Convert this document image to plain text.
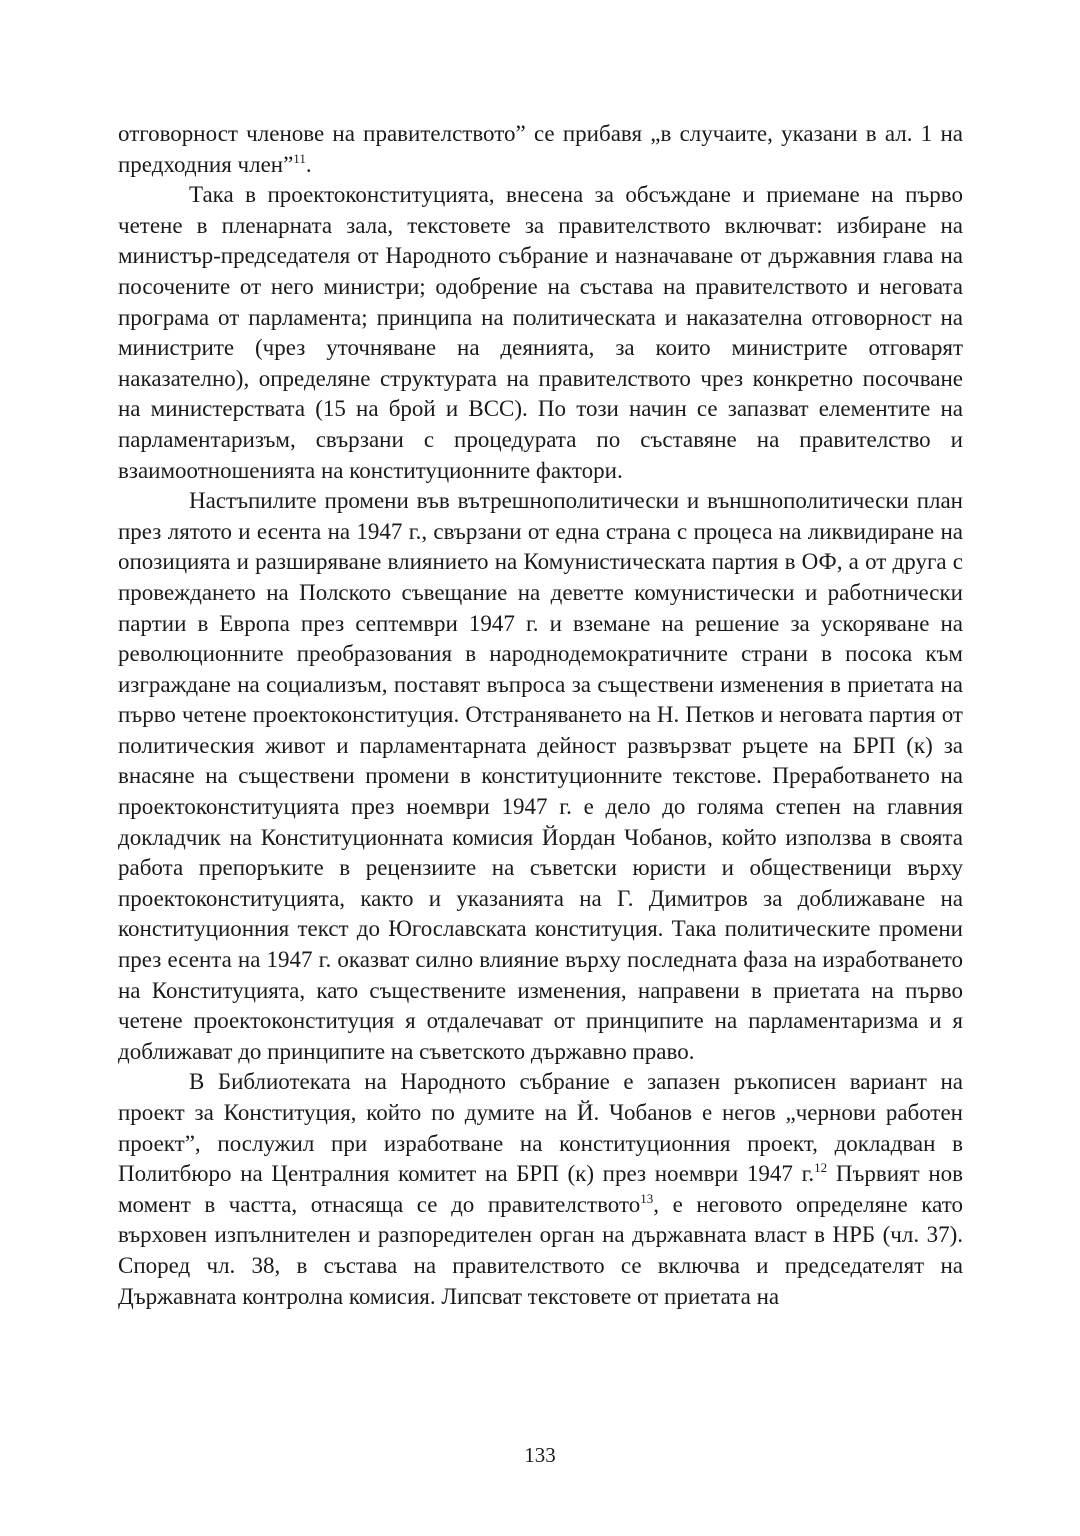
отговорност членове на правителството” се прибавя „в случаите, указани в ал. 1 на предходния член”$^{11}$.

Така в проектоконституцията, внесена за обсъждане и приемане на първо четене в пленарната зала, текстовете за правителството включват: избиране на министър-председателя от Народното събрание и назначаване от държавния глава на посочените от него министри; одобрение на състава на правителството и неговата програма от парламента; принципа на политическата и наказателна отговорност на министрите (чрез уточняване на деянията, за които министрите отговарят наказателно), определяне структурата на правителството чрез конкретно посочване на министерствата (15 на брой и ВСС). По този начин се запазват елементите на парламентаризъм, свързани с процедурата по съставяне на правителство и взаимоотношенията на конституционните фактори.

Настъпилите промени във вътрешнополитически и външнополитически план през лятото и есента на 1947 г., свързани от една страна с процеса на ликвидиране на опозицията и разширяване влиянието на Комунистическата партия в ОФ, а от друга с провеждането на Полското съвещание на деветте комунистически и работнически партии в Европа през септември 1947 г. и вземане на решение за ускоряване на революционните преобразования в народнодемократичните страни в посока към изграждане на социализъм, поставят въпроса за съществени изменения в приетата на първо четене проектоконституция. Отстраняването на Н. Петков и неговата партия от политическия живот и парламентарната дейност развързват ръцете на БРП (к) за внасяне на съществени промени в конституционните текстове. Преработването на проектоконституцията през ноември 1947 г. е дело до голяма степен на главния докладчик на Конституционната комисия Йордан Чобанов, който използва в своята работа препоръките в рецензиите на съветски юристи и общественици върху проектоконституцията, както и указанията на Г. Димитров за доближаване на конституционния текст до Югославската конституция. Така политическите промени през есента на 1947 г. оказват силно влияние върху последната фаза на изработването на Конституцията, като съществените изменения, направени в приетата на първо четене проектоконституция я отдалечават от принципите на парламентаризма и я доближават до принципите на съветското държавно право.

В Библиотеката на Народното събрание е запазен ръкописен вариант на проект за Конституция, който по думите на Й. Чобанов е негов „чернови работен проект”, послужил при изработване на конституционния проект, докладван в Политбюро на Централния комитет на БРП (к) през ноември 1947 г.$^{12}$ Първият нов момент в частта, отнасяща се до правителството$^{13}$, е неговото определяне като върховен изпълнителен и разпоредителен орган на държавната власт в НРБ (чл. 37). Според чл. 38, в състава на правителството се включва и председателят на Държавната контролна комисия. Липсват текстовете от приетата на

133
